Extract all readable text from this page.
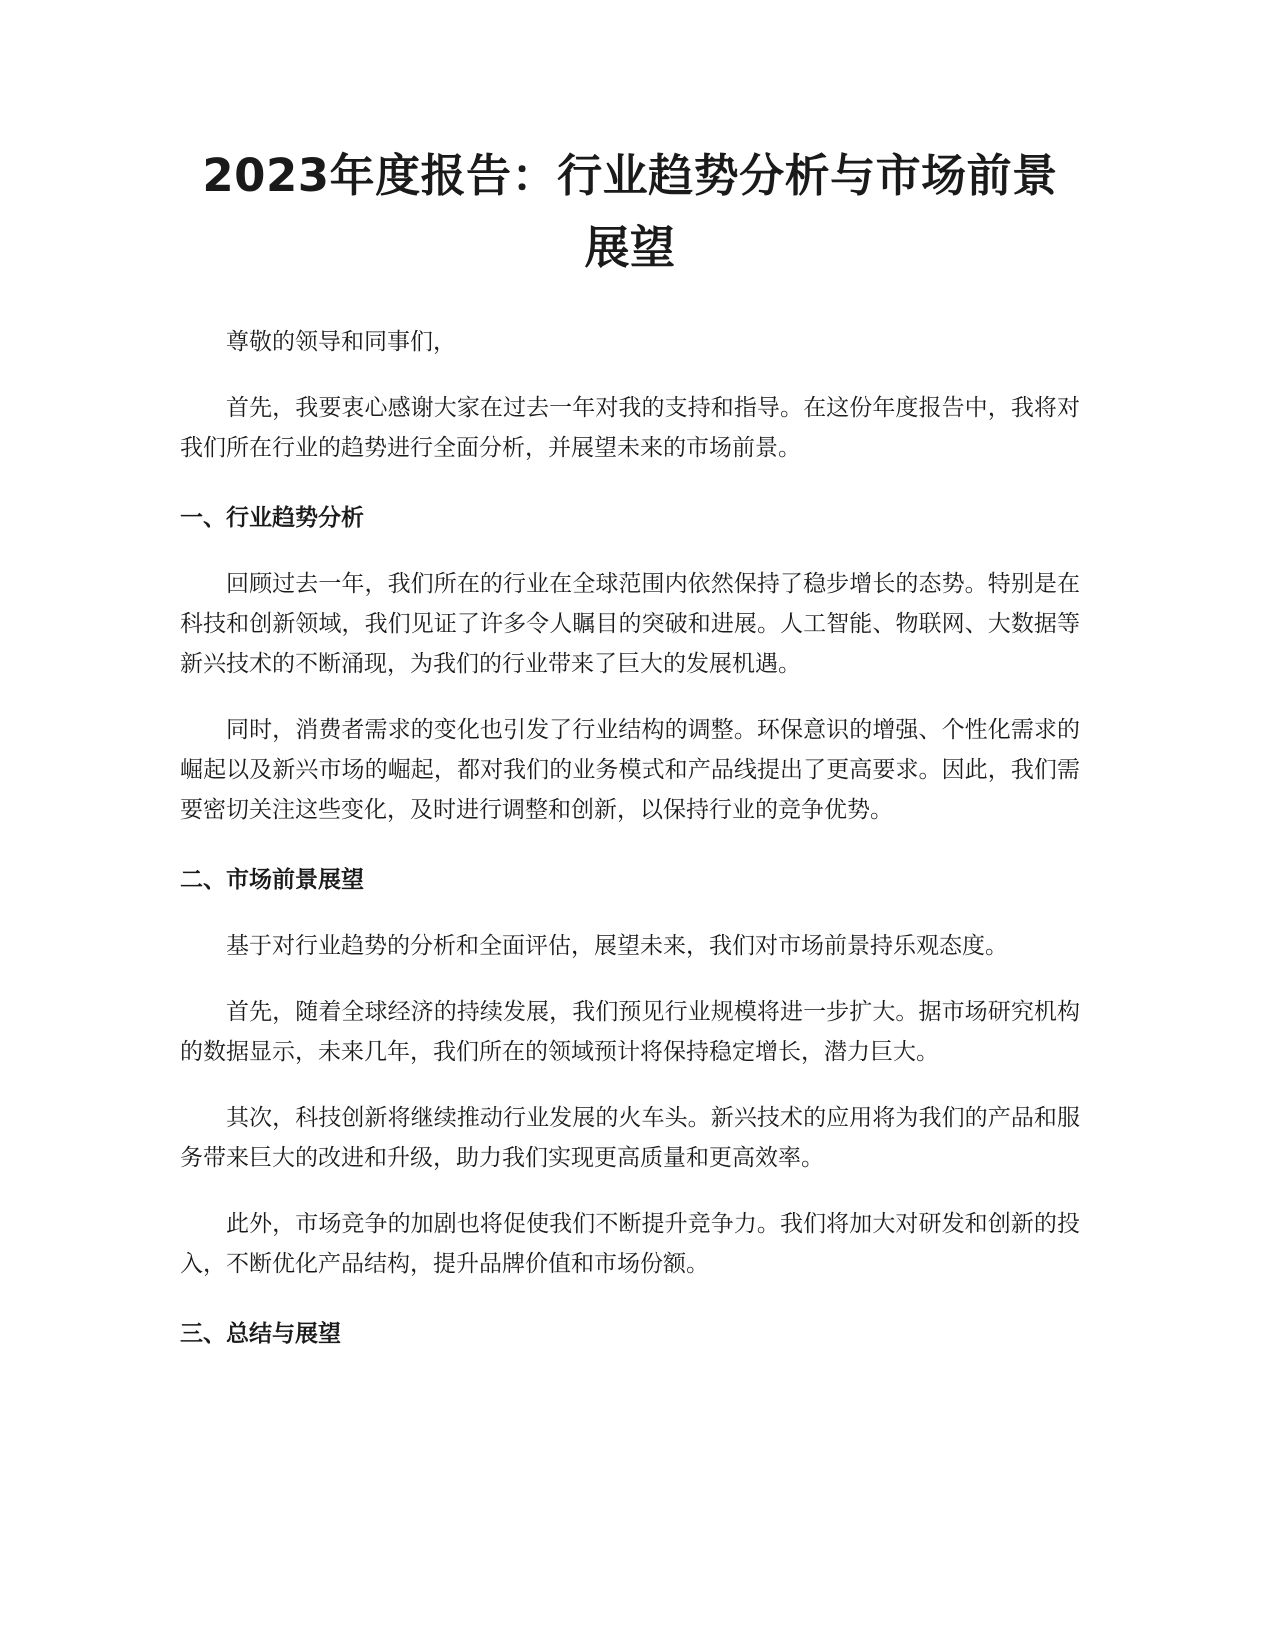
2023年度报告：行业趋势分析与市场前景展望

尊敬的领导和同事们，

首先，我要衷心感谢大家在过去一年对我的支持和指导。在这份年度报告中，我将对我们所在行业的趋势进行全面分析，并展望未来的市场前景。

一、行业趋势分析

回顾过去一年，我们所在的行业在全球范围内依然保持了稳步增长的态势。特别是在科技和创新领域，我们见证了许多令人瞩目的突破和进展。人工智能、物联网、大数据等新兴技术的不断涌现，为我们的行业带来了巨大的发展机遇。

同时，消费者需求的变化也引发了行业结构的调整。环保意识的增强、个性化需求的崛起以及新兴市场的崛起，都对我们的业务模式和产品线提出了更高要求。因此，我们需要密切关注这些变化，及时进行调整和创新，以保持行业的竞争优势。

二、市场前景展望

基于对行业趋势的分析和全面评估，展望未来，我们对市场前景持乐观态度。

首先，随着全球经济的持续发展，我们预见行业规模将进一步扩大。据市场研究机构的数据显示，未来几年，我们所在的领域预计将保持稳定增长，潜力巨大。

其次，科技创新将继续推动行业发展的火车头。新兴技术的应用将为我们的产品和服务带来巨大的改进和升级，助力我们实现更高质量和更高效率。

此外，市场竞争的加剧也将促使我们不断提升竞争力。我们将加大对研发和创新的投入，不断优化产品结构，提升品牌价值和市场份额。

三、总结与展望
